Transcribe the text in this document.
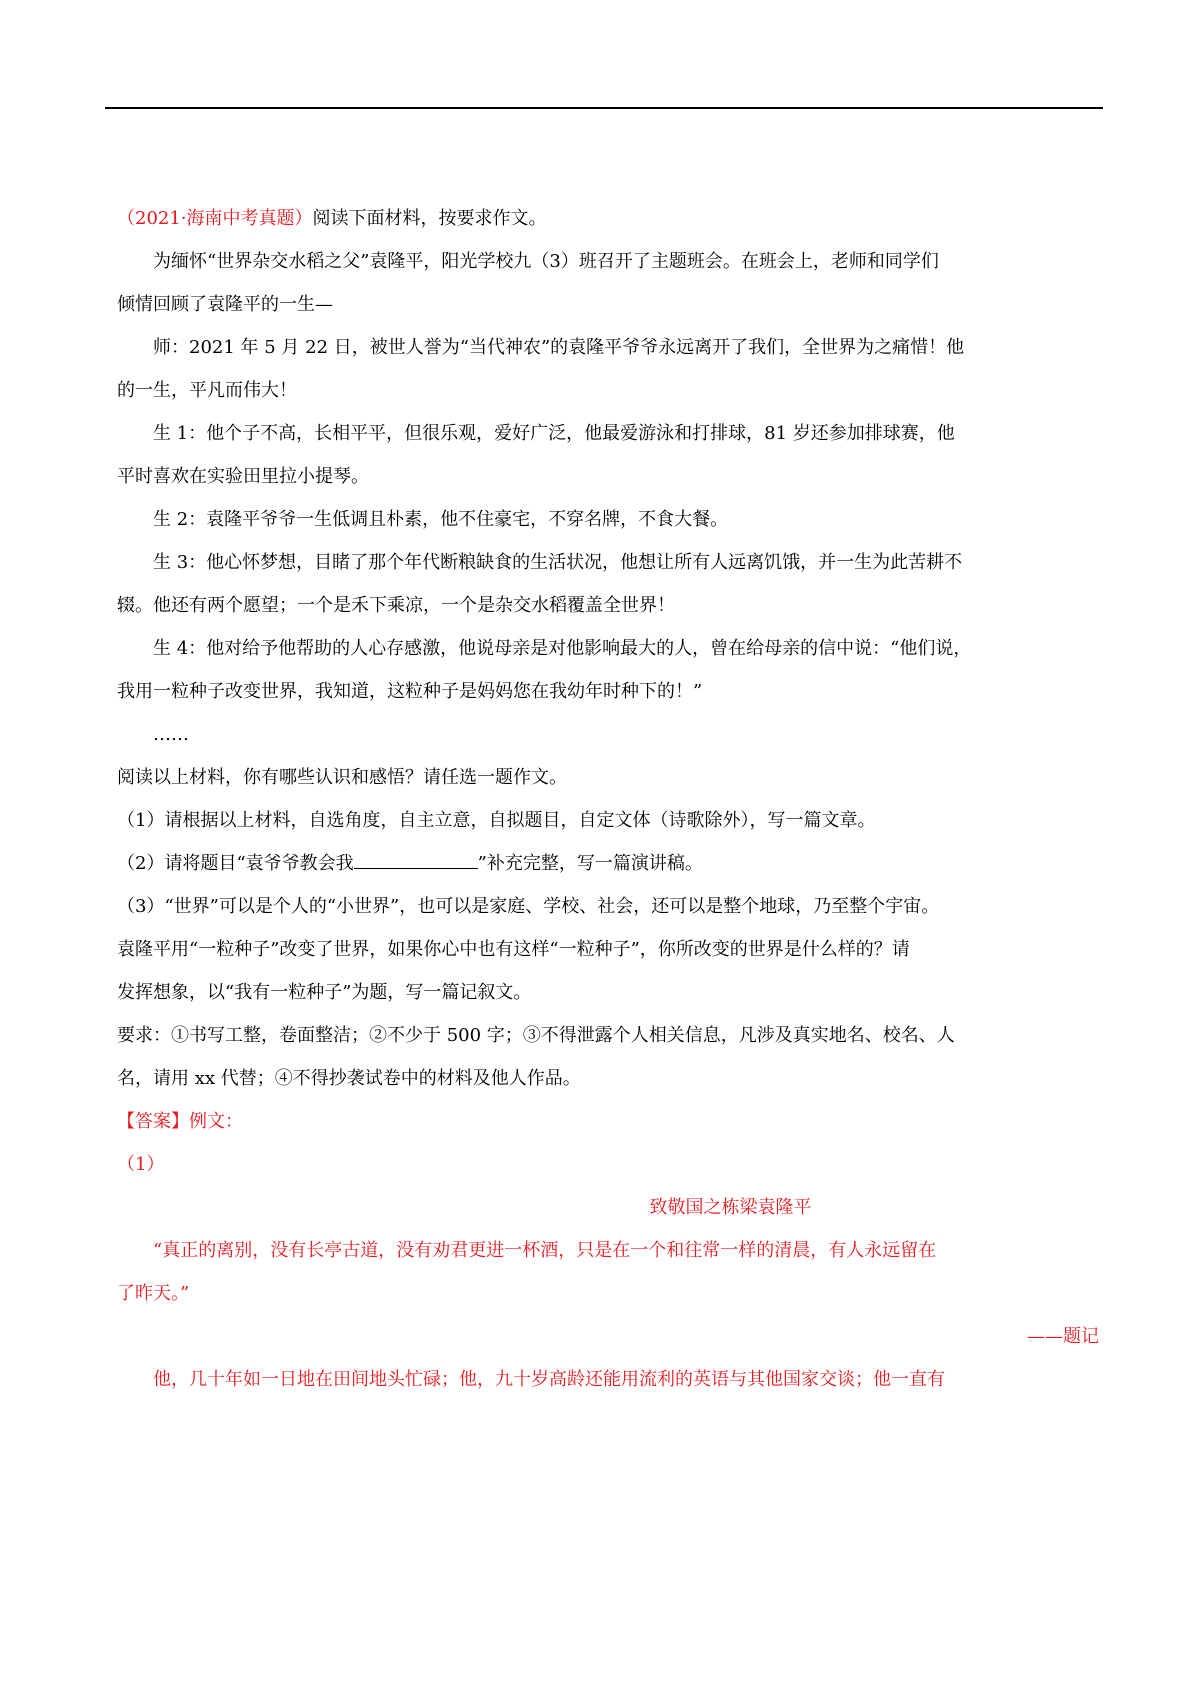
（2021·海南中考真题）阅读下面材料，按要求作文。
为缅怀“世界杂交水稻之父”袁隆平，阳光学校九（3）班召开了主题班会。在班会上，老师和同学们
倾情回顾了袁隆平的一生—
师：2021 年 5 月 22 日，被世人誉为“当代神农”的袁隆平爷爷永远离开了我们，全世界为之痛惜！他
的一生，平凡而伟大！
生 1：他个子不高，长相平平，但很乐观，爱好广泛，他最爱游泳和打排球，81 岁还参加排球赛，他
平时喜欢在实验田里拉小提琴。
生 2：袁隆平爷爷一生低调且朴素，他不住豪宅，不穿名牌，不食大餐。
生 3：他心怀梦想，目睹了那个年代断粮缺食的生活状况，他想让所有人远离饥饿，并一生为此苦耕不
辍。他还有两个愿望；一个是禾下乘凉，一个是杂交水稻覆盖全世界！
生 4：他对给予他帮助的人心存感激，他说母亲是对他影响最大的人，曾在给母亲的信中说：“他们说，
我用一粒种子改变世界，我知道，这粒种子是妈妈您在我幼年时种下的！”
……
阅读以上材料，你有哪些认识和感悟？请任选一题作文。
（1）请根据以上材料，自选角度，自主立意，自拟题目，自定文体（诗歌除外），写一篇文章。
（2）请将题目“袁爷爷教会我	”补充完整，写一篇演讲稿。
（3）“世界”可以是个人的“小世界”，也可以是家庭、学校、社会，还可以是整个地球，乃至整个宇宙。
袁隆平用“一粒种子”改变了世界，如果你心中也有这样“一粒种子”，你所改变的世界是什么样的？请
发挥想象，以“我有一粒种子”为题，写一篇记叙文。
要求：①书写工整，卷面整洁；②不少于 500 字；③不得泄露个人相关信息，凡涉及真实地名、校名、人
名，请用 xx 代替；④不得抄袭试卷中的材料及他人作品。
【答案】例文：
（1）
致敬国之栋梁袁隆平
“真正的离别，没有长亭古道，没有劝君更进一杯酒，只是在一个和往常一样的清晨，有人永远留在
了昨天。”
——题记
他，几十年如一日地在田间地头忙碌；他，九十岁高龄还能用流利的英语与其他国家交谈；他一直有
